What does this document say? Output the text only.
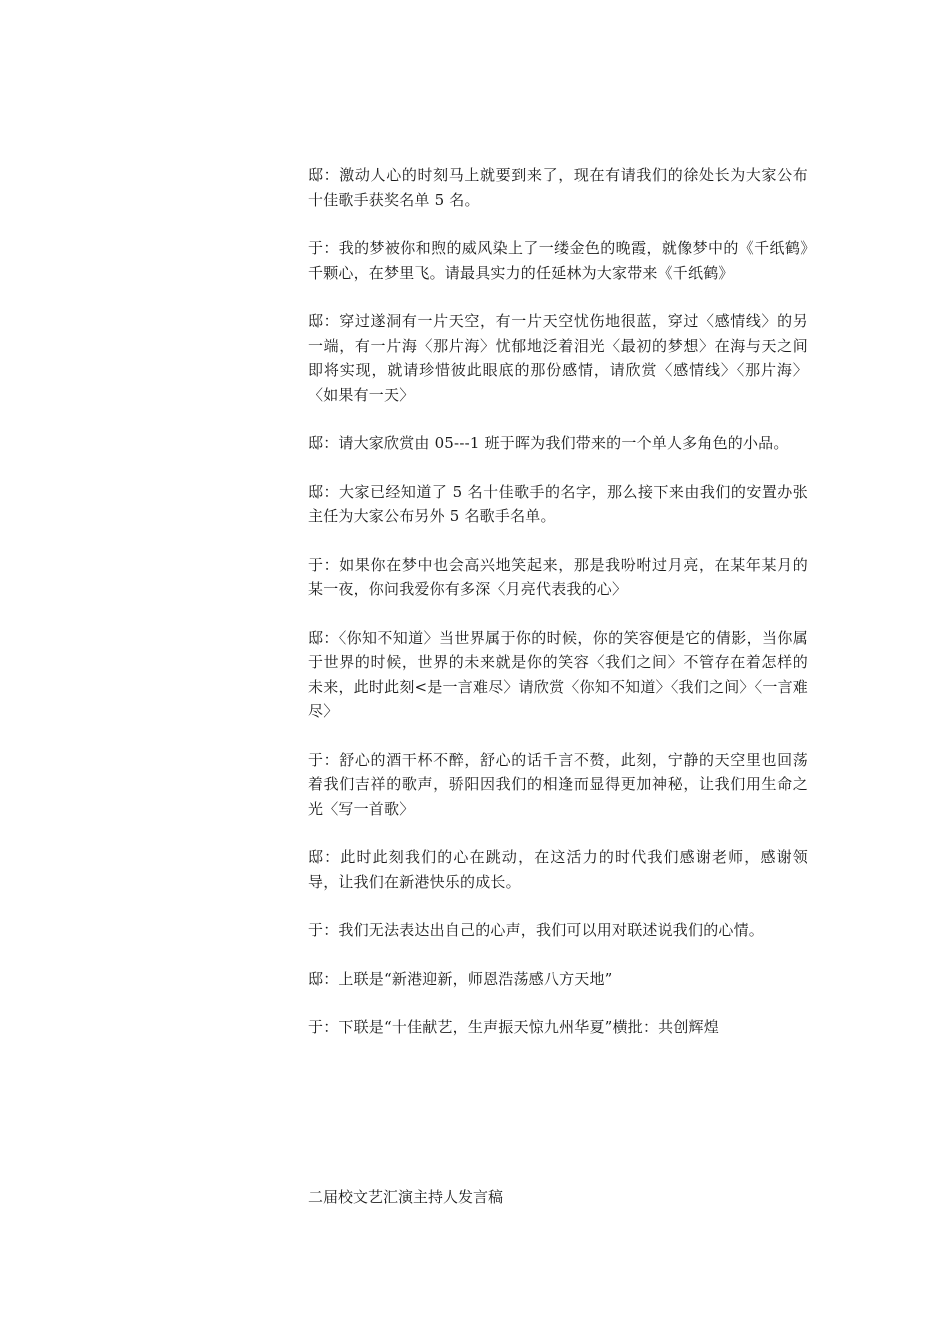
邸：激动人心的时刻马上就要到来了，现在有请我们的徐处长为大家公布十佳歌手获奖名单 5 名。

于：我的梦被你和煦的威风染上了一缕金色的晚霞，就像梦中的《千纸鹤》千颗心，在梦里飞。请最具实力的任延林为大家带来《千纸鹤》

邸：穿过遂洞有一片天空，有一片天空忧伤地很蓝，穿过〈感情线〉的另一端，有一片海〈那片海〉忧郁地泛着泪光〈最初的梦想〉在海与天之间即将实现，就请珍惜彼此眼底的那份感情，请欣赏〈感情线〉〈那片海〉〈如果有一天〉

邸：请大家欣赏由 05---1 班于晖为我们带来的一个单人多角色的小品。

邸：大家已经知道了 5 名十佳歌手的名字，那么接下来由我们的安置办张主任为大家公布另外 5 名歌手名单。

于：如果你在梦中也会高兴地笑起来，那是我吩咐过月亮，在某年某月的某一夜，你问我爱你有多深〈月亮代表我的心〉

邸：〈你知不知道〉当世界属于你的时候，你的笑容便是它的倩影，当你属于世界的时候，世界的未来就是你的笑容〈我们之间〉不管存在着怎样的未来，此时此刻<是一言难尽〉请欣赏〈你知不知道〉〈我们之间〉〈一言难尽〉

于：舒心的酒干杯不醉，舒心的话千言不赘，此刻，宁静的天空里也回荡着我们吉祥的歌声，骄阳因我们的相逢而显得更加神秘，让我们用生命之光〈写一首歌〉

邸：此时此刻我们的心在跳动，在这活力的时代我们感谢老师，感谢领导，让我们在新港快乐的成长。

于：我们无法表达出自己的心声，我们可以用对联述说我们的心情。

邸：上联是“新港迎新，师恩浩荡感八方天地”

于：下联是“十佳献艺，生声振天惊九州华夏”横批：共创辉煌

二届校文艺汇演主持人发言稿
